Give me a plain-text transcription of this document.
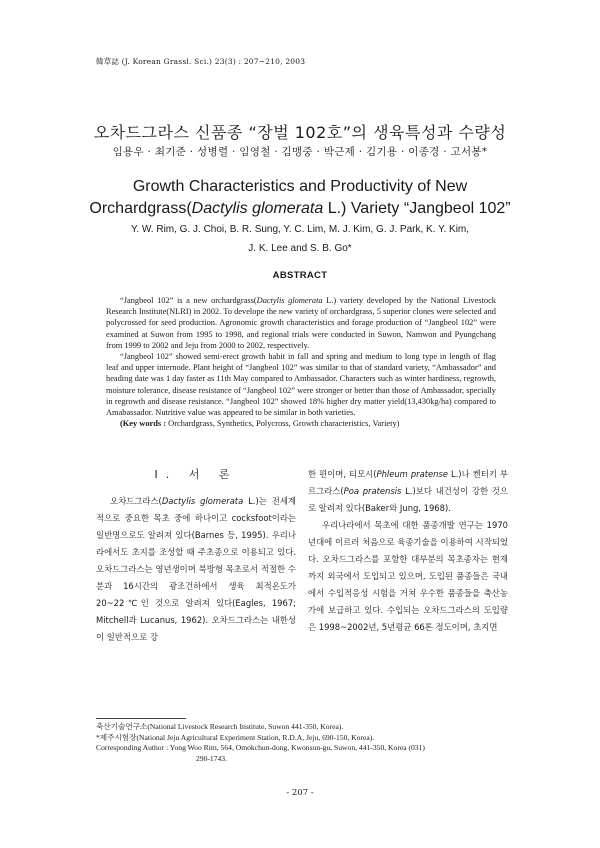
韓草誌 (J. Korean Grassl. Sci.) 23(3) : 207~210, 2003
오차드그라스 신품종 “장벌 102호”의 생육특성과 수량성
임용우 · 최기준 · 성병렬 · 임영철 · 김맹중 · 박근제 · 김기용 · 이종경 · 고서봉*
Growth Characteristics and Productivity of New
Orchardgrass(Dactylis glomerata L.) Variety “Jangbeol 102”
Y. W. Rim, G. J. Choi, B. R. Sung, Y. C. Lim, M. J. Kim, G. J. Park, K. Y. Kim,
J. K. Lee and S. B. Go*
ABSTRACT

“Jangbeol 102” is a new orchardgrass(Dactylis glomerata L.) variety developed by the National Livestock Research Institute(NLRI) in 2002. To develope the new variety of orchardgrass, 5 superior clones were selected and polycrossed for seed production. Agronomic growth characteristics and forage production of “Jangbeol 102” were examined at Suwon from 1995 to 1998, and regional trials were conducted in Suwon, Namwon and Pyungchang from 1999 to 2002 and Jeju from 2000 to 2002, respectively.

“Jangbeol 102” showed semi-erect growth habit in fall and spring and medium to long type in length of flag leaf and upper internode. Plant height of “Jangbeol 102” was similar to that of standard variety, “Ambassador” and heading date was 1 day faster as 11th May compared to Ambassador. Characters such as winter hardiness, regrowth, moisture tolerance, disease resistance of “Jangbeol 102” were stronger or better than those of Ambassador, specially in regrowth and disease resistance. “Jangbeol 102” showed 18% higher dry matter yield(13,430kg/ha) compared to Amabassador. Nutritive value was appeared to be similar in both varieties.

(Key words : Orchardgrass, Synthetics, Polycross, Growth characteristics, Variety)

I. 서 론

오차드그라스(Dactylis glomerata L.)는 전세계적으로 중요한 목초 중에 하나이고 cocksfoot이라는 일반명으로도 알려져 있다(Barnes 등, 1995). 우리나라에서도 초지를 조성할 때 주초종으로 이용되고 있다. 오차드그라스는 영년생이며 북방형 목초로서 적절한 수분과 16시간의 광조건하에서 생육 최적온도가 20~22℃인 것으로 알려져 있다(Eagles, 1967; Mitchell과 Lucanus, 1962). 오차드그라스는 내한성이 일반적으로 강

한 편이며, 티모시(Phleum pratense L.)나 켄터키 부르그라스(Poa pratensis L.)보다 내건성이 강한 것으로 알려져 있다(Baker와 Jung, 1968).

우리나라에서 목초에 대한 품종개발 연구는 1970년대에 이르러 처음으로 육종기술을 이용하여 시작되었다. 오차드그라스를 포함한 대부분의 목초종자는 현재까지 외국에서 도입되고 있으며, 도입된 품종들은 국내에서 수입적응성 시험을 거쳐 우수한 품종들을 축산농가에 보급하고 있다. 수입되는 오차드그라스의 도입량은 1998~2002년, 5년평균 66톤 정도이며, 초지면

축산기술연구소(National Livestock Research Institute, Suwon 441-350, Korea).
*제주시험장(National Jeju Agricultural Experiment Station, R.D.A, Jeju, 690-150, Korea).
Corresponding Author : Yong Woo Rim, 564, Omokchun-dong, Kwonsun-gu, Suwon, 441-350, Korea (031)
290-1743.
- 207 -
